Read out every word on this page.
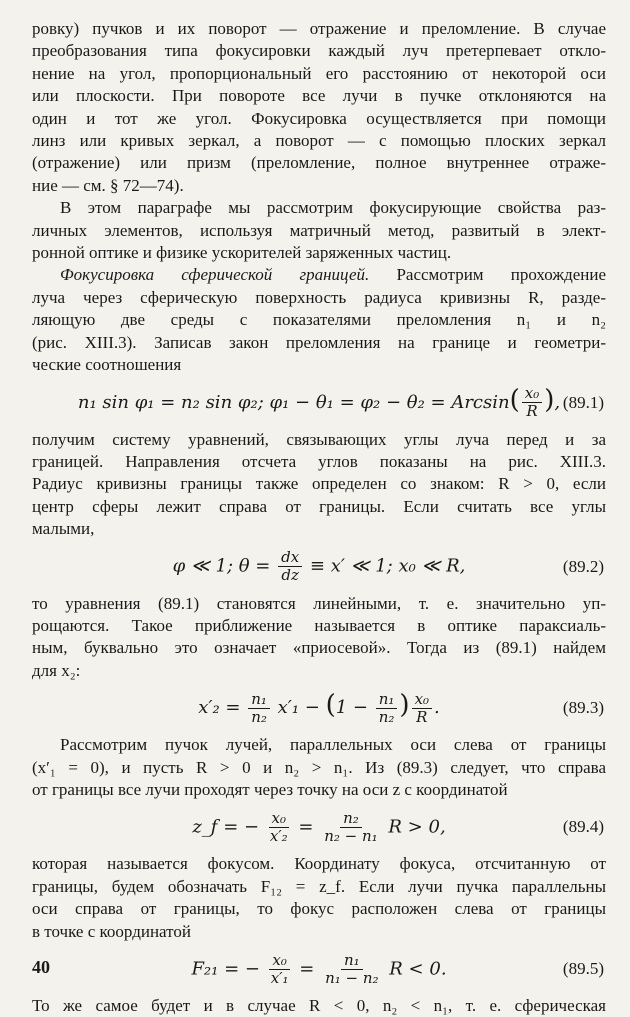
ровку) пучков и их поворот — отражение и преломление. В случае
преобразования типа фокусировки каждый луч претерпевает откло-
нение на угол, пропорциональный его расстоянию от некоторой оси
или плоскости. При повороте все лучи в пучке отклоняются на
один и тот же угол. Фокусировка осуществляется при помощи
линз или кривых зеркал, а поворот — с помощью плоских зеркал
(отражение) или призм (преломление, полное внутреннее отраже-
ние — см. § 72—74).

В этом параграфе мы рассмотрим фокусирующие свойства раз-
личных элементов, используя матричный метод, развитый в элект-
ронной оптике и физике ускорителей заряженных частиц.

Фокусировка сферической границей. Рассмотрим прохождение
луча через сферическую поверхность радиуса кривизны R, разде-
ляющую две среды с показателями преломления n₁ и n₂
(рис. XIII.3). Записав закон преломления на границе и геометри-
ческие соотношения

n₁ sin φ₁ = n₂ sin φ₂; $\varphi_1 - \theta_1 = \varphi_2 - \theta_2 = Arcsin( \frac{\text{x₀}}{R}$ ), (89.1)

получим систему уравнений, связывающих углы луча перед и за
границей. Направления отсчета углов показаны на рис. XIII.3.
Радиус кривизны границы также определен со знаком: R > 0, если
центр сферы лежит справа от границы. Если считать все углы
малыми,

φ ≪ 1; $\theta = \frac{dx}{dz} \equiv x'$ ≪ 1; x₀ ≪ R,	(89.2)

то уравнения (89.1) становятся линейными, т. е. значительно уп-
рощаются. Такое приближение называется в оптике параксиаль-
ным, буквально это означает «приосевой». Тогда из (89.1) найдем
для x₂:

$x'_2 = \frac{\text{n₁}}{\text{n₂}} x'_1 - (1 - \frac{\text{n₁}}{\text{n₂}}$ ) $\frac{\text{x₀}}{R}$ .	(89.3)

Рассмотрим пучок лучей, параллельных оси слева от границы
(x′₁ = 0), и пусть R > 0 и n₂ > n₁. Из (89.3) следует, что справа
от границы все лучи проходят через точку на оси z с координатой

z_f = − $\frac{\text{x₀}}{\text{x′₂}} = \frac{\text{n₂}}{\text{n₂ − n₁}}$ R > 0,	(89.4)

которая называется фокусом. Координату фокуса, отсчитанную от
границы, будем обозначать F₁₂ = z_f. Если лучи пучка параллельны
оси справа от границы, то фокус расположен слева от границы
в точке с координатой

F₂₁ = − $\frac{\text{x₀}}{\text{x′₁}} = \frac{\text{n₁}}{\text{n₁ − n₂}}$ R < 0.	(89.5)

То же самое будет и в случае R < 0, n₂ < n₁, т. е. сферическая

40
